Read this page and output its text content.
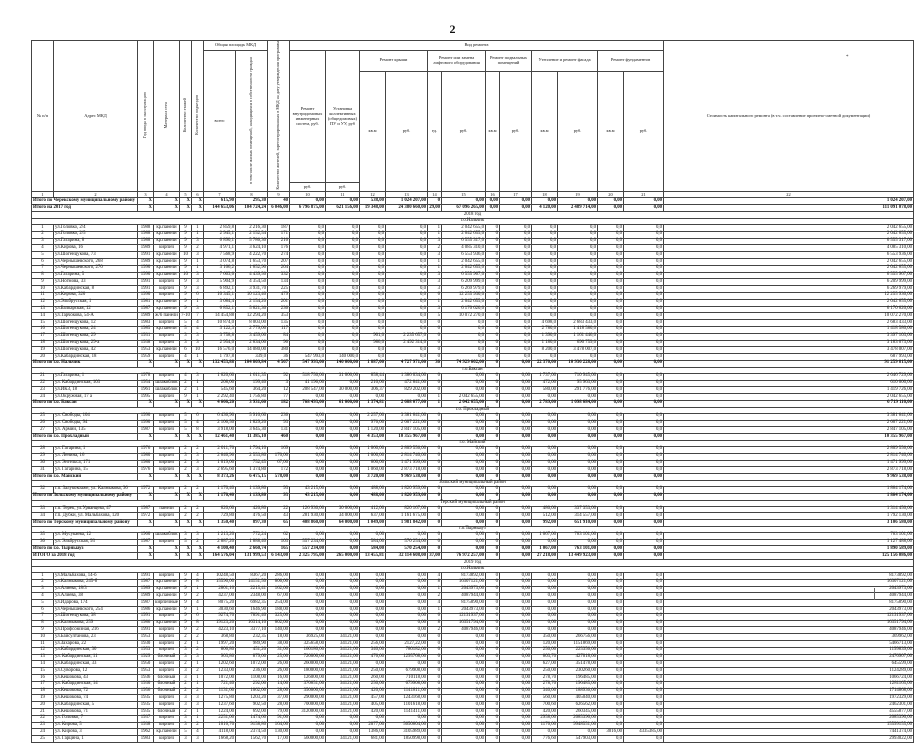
2
№ п/п	Адрес МКД	Год ввода в эксплуатацию	Материал стен	Количество этажей	Количество подъездов	Общая площадь МКД		Количество жителей, зарегистрированных в МКД на дату утверждения программы	Вид ремонта												Стоимость капитального ремонта (в т.ч. составление проектно-сметной документации)
						всего	в том числе жилых помещений, находящихся в собственности граждан		Ремонт внутридомовых инженерных систем, руб.	Установка коллективных (общедомовых) ПУ и УУ, руб	Ремонт крыши		Ремонт или замена лифтового оборудования		Ремонт подвальных помещений		Утепление и ремонт фасада		Ремонт фундаментов		
											кв.м	руб.	ед.	руб.	кв.м	руб.	кв.м	руб.	кв.м	руб.	
									руб.	руб.											
1	2	3	4	5	6	7	8	9	10	11	12	13	14	15	16	17	18	19	20	21	22
Итого по Черекскому муниципальному району		X	X	X	X	615,90	295,30	40	0,00	0,00	538,00	1 024 207,00	0	0,00	0,00	0,00	0,00	0,00	0,00	0,00	1 024 207,00
Итого на 2017 год		X	X	X	X	144 653,06	104 724,24	6 046,00	6 796 875,00	621 156,00	19 348,00	24 380 660,00	29,00	67 096 265,00	0,00	0,00	4 120,00	2 489 714,00	0,00	0,00	111 091 078,00
2018 год																					
г.о.Нальчик																					
1	ул.Головко, 2/4	1988	кр.панели	9	1	2 859,8	2 216,30	187	0,0	0,0	0,0	0,0	1	2 042 655,0	0	0,0	0,0	0,0	0,0	0,0	2 042 655,00
2	ул.Головко, 2/5	1988	кр.панели	9	1	2 945,1	2 152,54	171	0,0	0,0	0,0	0,0	1	2 042 655,0	0	0,0	0,0	0,0	0,0	0,0	2 042 655,00
3	ул.Гагарина, 8	1988	кр.панели	9	3	6 890,1	5 786,30	216	0,0	0,0	0,0	0,0	3	6 555 317,0	0	0,0	0,0	0,0	0,0	0,0	6 555 317,00
4	ул.Кирова, 16	1989	кирпич	9	2	4 971,1	3 624,10	176	0,0	0,0	0,0	0,0	2	4 085 310,0	0	0,0	0,0	0,0	0,0	0,0	4 085 310,00
5	ул.Шогенцукова, 73	1991	кр.панели	10	3	7 568,9	4 222,70	274	0,0	0,0	0,0	0,0	3	6 553 936,0	0	0,0	0,0	0,0	0,0	0,0	6 553 936,00
6	ул.Чернышевского, 268	1989	кр.панели	9	1	3 074,8	1 653,70	207	0,0	0,0	0,0	0,0	1	2 042 655,0	0	0,0	0,0	0,0	0,0	0,0	2 042 655,00
7	ул.Чернышевского, 270	1990	кр.панели	9	1	3 106,2	1 652,90	204	0,0	0,0	0,0	0,0	1	2 042 655,0	0	0,0	0,0	0,0	0,0	0,0	2 042 655,00
8	ул.Гагарина, 5	1990	кр.панели	10	3	7 603,6	4 439,50	332	0,0	0,0	0,0	0,0	3	6 555 967,0	0	0,0	0,0	0,0	0,0	0,0	6 555 967,00
9	ул.Ногмова, 33	1991	кирпич	9	3	5 904,9	4 354,50	134	0,0	0,0	0,0	0,0	3	6 209 999,0	0	0,0	0,0	0,0	0,0	0,0	6 209 999,00
10	ул.Кабардинская, 8	1991	кирпич	9	3	6 892,1	3 931,70	225	0,0	0,0	0,0	0,0	3	6 269 979,0	0	0,0	0,0	0,0	0,0	0,0	6 269 979,00
11	ул.Кирова, 320	1990	кирпич	9	6	10 345,1	10 123,40	479	0,0	0,0	0,0	0,0	6	12 255 930,0	0	0,0	0,0	0,0	0,0	0,0	12 255 930,00
12	ул.Эльбрусская, 1	1981	кр.панели	9	1	3 084,4	2 154,20	201	0,0	0,0	0,0	0,0	1	2 042 655,0	0	0,0	0,0	0,0	0,0	0,0	2 042 655,00
13	ул.Балкарская, 12	1987	кр.панели	9	3	6 852,1	5 621,30	236	0,0	0,0	0,0	0,0	3	6 170 620,0	0	0,0	0,0	0,0	0,0	0,0	6 170 620,00
14	ул.Тарчокова, 54-А	1989	ж/б панели	7-10	7	14 454,88	12 294,20	353	0,0	0,0	0,0	0,0	5	10 072 270,0	0	0,0	0,0	0,0	0,0	0,0	10 072 270,00
15	ул.Шогенцукова, 12	1983	кирпич	5	4	10 874,0	8 003,00	135	0,0	0,0	0,0	0,0	0	0,0	0	0,0	4 698,0	2 683 433,0	0,0	0,0	2 683 433,00
16	ул.Шогенцукова, 24	1985	кр.панели	5	4	3 122,3	2 779,00	117	0,0	0,0	0,0	0,0	0	0,0	0	0,0	2 780,0	1 418 580,0	0,0	0,0	1 418 580,00
17	ул.Шогенцукова, 29	1931	кирпич	3	3	3 758,8	3 459,00	84	0,0	0,0	901,0	2 235 657,0	0	0,0	0	0,0	1 390,0	1 161 446,0	0,0	0,0	3 397 103,00
18	ул.Шогенцукова, 29-а	1938	кирпич	3	3	2 954,0	2 634,00	96	0,0	0,0	986,0	2 492 314,0	0	0,0	0	0,0	1 180,0	690 759,0	0,0	0,0	3 183 073,00
19	ул.Шогенцукова, 42	1953	кр.панели	6	10	16 576,0	14 080,00	380	0,0	0,0	0,0	0,0	0	0,0	0	0,0	8 200,0	3 478 007,0	0,0	0,0	3 478 007,00
20	ул.Кабардинская, 18	1959	кирпич	4	1	1 797,8	339,0	36	547 993,0	140 000,0	0,0	0,0	0	0,0	0	0,0	0,0	0,0	0,0	0,0	687 993,00
Итого по г.о. Нальчик		X	X	X	X	132 453,88	104 809,84	4 567	547 993,00	140 000,00	1 887,00	4 727 971,00	36	74 929 602,00	0	0,00	22 370,00	10 936 228,00	0,00	0,00	91 259 815,00
г.о.Баксан																					
21	ул.Гагарина, 1	1978	кирпич	4	3	1 620,60	1 611,35	92	518 750,00	31 000,00	858,44	1 386 034,00	0	0,00	0	0,00	1 737,00	710 945,00	0,0	0,0	2 646 729,00
22	ул. Кабардинская, 103	1954	шлакоблок	2	1	208,00	199,40	3	41 196,00	0,00	210,00	472 841,00	0	0,00	0	0,00	472,00	95 963,00	0,0	0,0	610 000,00
23	ул.ИКЗ, 18	1961	шлакоблок	2	1	545,60	364,20	12	208 547,00	30 000,00	306,37	829 202,00	0	0,00	0	0,00	580,00	291 776,00	0,0	0,0	1 419 726,00
24	ул.Окружная, 17 а	1995	кирпич	9	1	2 292,40	1 756,80	77	0,00	0,00	0,00	0,00	1	2 042 655,00	0	0,00	0,00	0,00	0,0	0,0	2 042 655,00
Итого по г.о. Баксан		X	X	X	X	4 666,20	3 931,60	182	768 493,00	61 000,00	1 374,81	2 688 077,00	1	2 042 655,00	0	0,00	2 789,00	1 098 684,00	0,00	0,00	6 719 110,00
г.о. Прохладный																					
25	ул. Свободы, 104	1990	кирпич	5	6	6 436,90	5 910,60	236	0,00	0,00	2 257,00	3 381 641,00	0	0,00	0	0,00	0,00	0,00	0,0	0,0	3 381 641,00
26	ул. Свободы, 94	1990	кирпич	5	4	2 106,50	1 829,20	93	0,00	0,00	976,00	2 607 221,00	0	0,00	0	0,00	0,00	0,00	0,0	0,0	2 607 221,00
27	ул. Армии, 135	1987	кирпич	5	8	3 918,00	3 645,30	131	0,00	0,00	1 120,00	2 847 105,00	0	0,00	0	0,00	0,00	0,00	0,0	0,0	2 847 105,00
Итого по г.о. Прохладный		X	X	X	X	12 461,40	11 385,10	460	0,00	0,00	4 353,00	10 355 967,00	0	0,00	0	0,00	0,00	0,00	0,00	0,00	10 355 967,00
г.о. Майский																					
28	ул. Гагарина, 1	1976	кирпич	2	2	2 011,70	1 794,10	169	0,00	0,00	1 060,00	2 809 556,00	0	0,00	0	0,00	0,00	0,00	0,0	0,0	2 809 556,00
29	ул. Ленина, 16	1980	кирпич	3	3	2 646,96	2 553,80	170,00	0,00	0,00	1 000,00	2 814 740,00	0	0,00	0	0,00	0,00	0,00	0,0	0,0	2 814 740,00
30	ул. Энгельса, 171	1980	кирпич	2	3	1 019,00	752,45	67,00	0,00	0,00	600,00	1 471 999,00	0	0,00	0	0,00	0,00	0,00	0,0	0,0	1 471 999,00
31	ул. Гагарина, 15	1976	кирпич	2	3	2 695,60	1 374,80	172	0,00	0,00	1 060,00	2 873 718,00	0	0,00	0	0,00	0,00	0,00	0,0	0,0	2 873 718,00
Итого по г.о. Майский		X	X	X	X	8 373,26	6 475,15	578,00	0,00	0,00	3 720,00	9 969 538,00	0	0,00	0	0,00	0,00	0,00	0,00	0,00	9 969 538,00
Зольский муниципальный район																					
32	г.п. Залукокоаже, ул. Калмыкова, 36	1972	кирпич	2	2	1 170,40	1 139,80	93	43 215,00	0,00	488,00	1 820 959,00	0	0,00	0	0,00	0,00	0,00	0,0	0,0	1 864 174,00
Итого по Зольскому муниципальному району		X	X	X	X	1 170,40	1 139,80	93	43 215,00	0,00	488,00	1 820 959,00	0	0,00	0	0,00	0,00	0,00	0,00	0,00	1 864 174,00
Терский муниципальный район																					
33	г.п. Терек, ул.Урванцева, 47	1987	панели	2	2	620,60	420,80	22	126 930,00	30 000,00	412,00	820 167,00	0	0,00	0	0,00	480,00	337 353,00	0,0	0,0	1 314 450,00
34	г.п. Дубки, ул. Мальбахова, 120	1972	кирпич	2	2	729,80	476,50	43	281 930,00	34 000,00	637,00	1 161 675,00	0	0,00	0	0,00	512,00	314 557,00	0,0	0,0	1 792 130,00
Итого по Терскому муниципальному району		X	X	X	X	1 350,40	897,30	65	408 860,00	64 000,00	1 049,00	1 981 842,00	0	0,00	0	0,00	992,00	651 910,00	0,00	0,00	3 106 580,00
г.о.Тырныауз																					
35	ул. Мусукаева, 12	1960	шлакоблок	3	3	1 213,20	772,24	62	0,00	0,00	0,00	0,00	0	0,00	0	0,00	1 067,00	763 101,00	0,0	0,0	763 101,00
36	ул. Эльбрусская, 93	1987	кирпич	5	2	2 887,20	1 888,40	103	557 234,00	0,00	584,00	570 254,00	0	0,00	0	0,00	0,00	0,00	0,0	0,0	1 127 488,00
Итого по г.о. Тырныауз		X	X	X	X	4 100,40	2 660,74	165	557 234,00	0,00	584,00	570 254,00	0	0,00	0	0,00	1 067,00	763 101,00	0,00	0,00	1 890 589,00
ИТОГО за 2018 год		X	X	X	X	164 576,04	131 999,53	6 143,00	2 325 795,00	265 000,00	13 455,81	32 114 608,00	37,00	76 972 257,00	0	0,00	27 218,00	13 449 923,00	0,00	0,00	125 156 086,00
2019 год																					
г.о.Нальчик																					
1	ул.Мальбахова, 14-б	1991	кирпич	9	4	10248,50	8367,20	286,00	0,00	0,00	0,00	0,00	4	8173892,00	0	0,00	0,00	0,00	0,0	0,0	8173892,00
2	ул.Калмыкова, 245-б	1987	кр.панели	9	8	15590,00	14151,50	606,00	0,00	0,00	0,00	0,00	8	16307121,00	0	0,00	0,00	0,00	0,0	0,0	16307121,00
3	ул.Алиева, 18/3	1989	кр.панели	9	1	2801,10	2215,41	162,00	0,00	0,00	0,00	0,00	1	2043973,00	0	0,00	0,00	0,00	0,0	0,0	2043973,00
4	ул.Алиева, 38	1989	кр.панели	9	2	4237,00	2348,00	67,00	0,00	0,00	0,00	0,00	2	4087944,00	0	0,00	0,00	0,00	0,0	0,0	4087944,00
5	ул.Идарова, 174	1987	кирпичные	9	4	8075,20	6982,35	254,00	0,00	0,00	0,00	0,00	4	8175890,00	0	0,00	0,00	0,00	0,0	0,0	8175890,00
6	ул.Чернышевского, 254	1986	кр.панели	9	1	3030,60	1646,90	188,00	0,00	0,00	0,00	0,00	1	2043973,00	0	0,00	0,00	0,00	0,0	0,0	2043973,00
7	ул.Шогенцукова, 38	1991	кирпич	9	6	9274,70	7891,40	325,00	0,00	0,00	0,00	0,00	6	12131937,00	0	0,00	0,00	0,00	0,0	0,0	12131937,00
8	ул.Калмыкова, 259	1986	кр.панели	9	8	19123,20	16314,10	602,00	0,00	0,00	0,00	0,00	8	16351794,00	0	0,00	0,00	0,00	0,0	0,0	16351794,00
9	ул.Профсоюзная, 216	1991	кирпич	9	2	4223,10	3377,10	140,00	0,00	0,00	0,00	0,00	2	4087946,00	0	0,00	0,00	0,00	0,0	0,0	4087946,00
10	ул.Байсултанова, 23	1953	кирпич	2	2	368,80	232,35	18,00	36925,00	34121,00	0,00	0,00	0	0,00	0	0,00	350,00	266756,00	0,0	0,0	369962,00
11	ул.Захарова, 22	1930	кирпич	2	1	1997,20	989,90	38,00	325658,00	34121,00	256,00	2127,22,00	0	0,00	0	0,00	120,00	1151869,00	0,0	0,0	5466713,00
12	ул.Кабардинская, 30	1953	кирпич	3	2	806,80	451,20	31,00	160180,00	34121,00	340,00	780182,00	0	0,00	0	0,00	250,00	225356,00	0,0	0,0	1199839,00
13	ул. Кабардинская, 11	1929	блочный	3	3	903,80	879,00	25,00	720000,00	34121,00	476,00	1295768,00	0	0,00	0	0,00	603,70	427018,00	0,0	0,0	2476907,00
14	ул.Кабардинская, 33	1950	кирпич	2	1	1202,60	1072,00	26,00	260000,00	34121,00	0,00	0,00	0	0,00	0	0,00	627,00	351478,00	0,0	0,0	645599,00
15	ул.Суворова, 12	1953	кирпич	3	2	1233,00	236,00	26,00	180000,00	34121,00	250,00	679908,00	0	0,00	0	0,00	250,00	230260,00	0,0	0,0	1124289,00
16	ул.Кешокова, 43	1936	блочный	3	1	1072,00	1108,00	16,00	126000,00	34121,00	260,00	710118,00	0	0,00	0	0,00	278,70	196485,00	0,0	0,0	1066724,00
17	ул. Кабардинская, 14	1930	блочный	2	1	721,40	292,00	14,00	370651,00	34121,00	250,00	679908,00	0	0,00	0	0,00	278,70	196485,00	0,0	0,0	1281165,00
18	ул.Кешокова, 72	1956	блочный	2	2	1131,60	1062,00	28,00	350000,00	34121,00	420,00	1141811,00	0	0,00	0	0,00	340,00	188936,00	0,0	0,0	1714868,00
19	ул.Кешокова, 74	1935	кирпич	3	3	1275,80	1203,20	37,00	290000,00	34121,00	457,00	1243168,00	0	0,00	0	0,00	560,00	405040,00	0,0	0,0	1972329,00
20	ул.Кабардинская, 5	1935	кирпич	3	3	1237,60	902,50	28,00	700000,00	34121,00	405,00	1101618,00	0	0,00	0	0,00	700,60	626562,00	0,0	0,0	2462301,00
21	ул.Кешокова, 71	1935	блочный	2	1	1224,00	692,00	79,00	3120000,00	34121,00	420,00	1141411,00	0	0,00	0	0,00	420,00	260345,00	0,0	0,0	4555877,00
22	ул. Головко, 7	1937	кирпич	3	1	2251,00	1474,60	91,00	0,00	0,00	0,00	0,00	0	0,00	0	0,00	2958,00	2085390,00	0,0	0,0	2085390,00
23	ул. Кирова, 5	1938	кирпич	3	2	1016,70	9158,80	164,00	0,00	0,00	2077,00	5650604,00	0	0,00	0	0,00	1176,00	9948551,00	0,0	0,0	15599155,00
24	ул. Кирова, 3	1962	кр.панели	5	4	4118,00	2374,50	130,00	0,00	0,00	1386,00	3105989,00	0	0,00	0	0,00	0,00	0,00	3016,00	4335385,00	7441374,00
25	ул. Гарцина, 1	1983	кирпич	3	3	1668,20	1562,70	17,00	560000,00	34121,00	681,00	1850998,00	0	0,00	0	0,00	776,60	547903,00	0,0	0,0	2993022,00
*
